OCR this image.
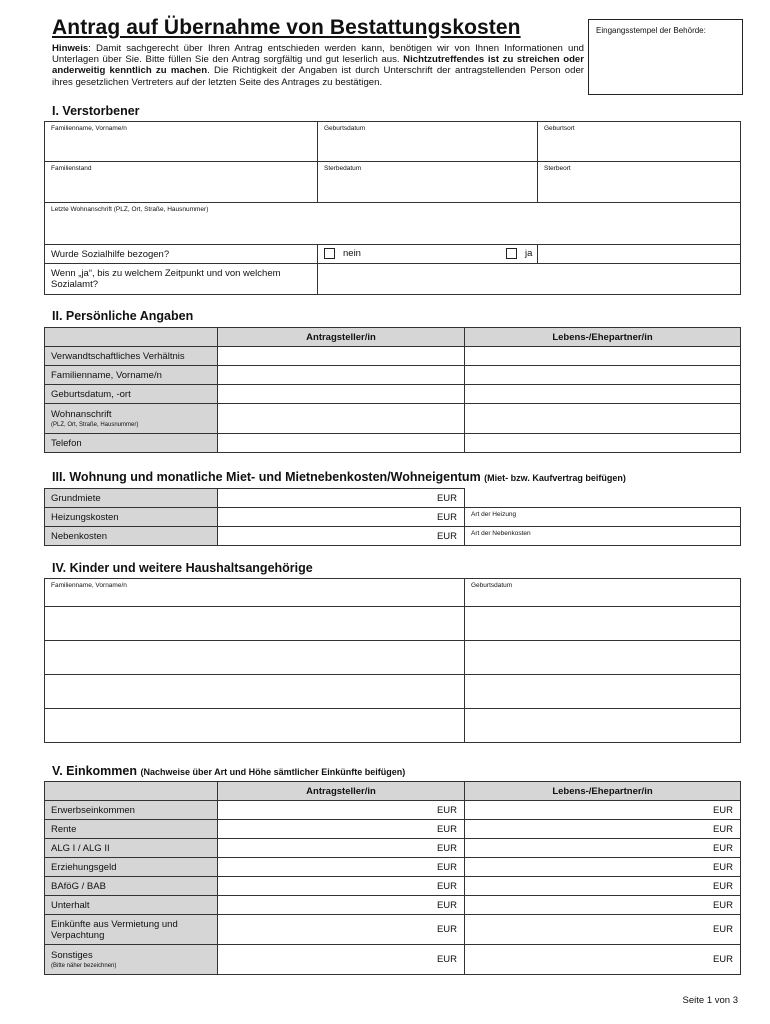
Antrag auf Übernahme von Bestattungskosten
Hinweis: Damit sachgerecht über Ihren Antrag entschieden werden kann, benötigen wir von Ihnen Informationen und Unterlagen über Sie. Bitte füllen Sie den Antrag sorgfältig und gut leserlich aus. Nichtzutreffendes ist zu streichen oder anderweitig kenntlich zu machen. Die Richtigkeit der Angaben ist durch Unterschrift der antragstellenden Person oder ihres gesetzlichen Vertreters auf der letzten Seite des Antrages zu bestätigen.
Eingangsstempel der Behörde:
I. Verstorbener
Familienname, Vorname/n	Geburtsdatum	Geburtsort

Familienstand	Sterbedatum	Sterbeort

Letzte Wohnanschrift (PLZ, Ort, Straße, Hausnummer)		

Wurde Sozialhilfe bezogen?	nein	ja
Wenn „ja“, bis zu welchem Zeitpunkt und von welchem Sozialamt?		
II. Persönliche Angaben
	Antragsteller/in	Lebens-/Ehepartner/in
Verwandtschaftliches Verhältnis		
Familienname, Vorname/n		
Geburtsdatum, -ort		
Wohnanschrift
(PLZ, Ort, Straße, Hausnummer)		

Telefon		
III. Wohnung und monatliche Miet- und Mietnebenkosten/Wohneigentum (Miet- bzw. Kaufvertrag beifügen)
Grundmiete	EUR	
Heizungskosten	EUR	Art der Heizung

Nebenkosten	EUR	Art der Nebenkosten
IV. Kinder und weitere Haushaltsangehörige
Familienname, Vorname/n	Geburtsdatum

V. Einkommen (Nachweise über Art und Höhe sämtlicher Einkünfte beifügen)
	Antragsteller/in	Lebens-/Ehepartner/in
Erwerbseinkommen	EUR	EUR
Rente	EUR	EUR
ALG I / ALG II	EUR	EUR
Erziehungsgeld	EUR	EUR
BAföG / BAB	EUR	EUR
Unterhalt	EUR	EUR
Einkünfte aus Vermietung und Verpachtung	EUR	EUR
Sonstiges
(Bitte näher bezeichnen)	EUR	EUR
Seite 1 von 3
